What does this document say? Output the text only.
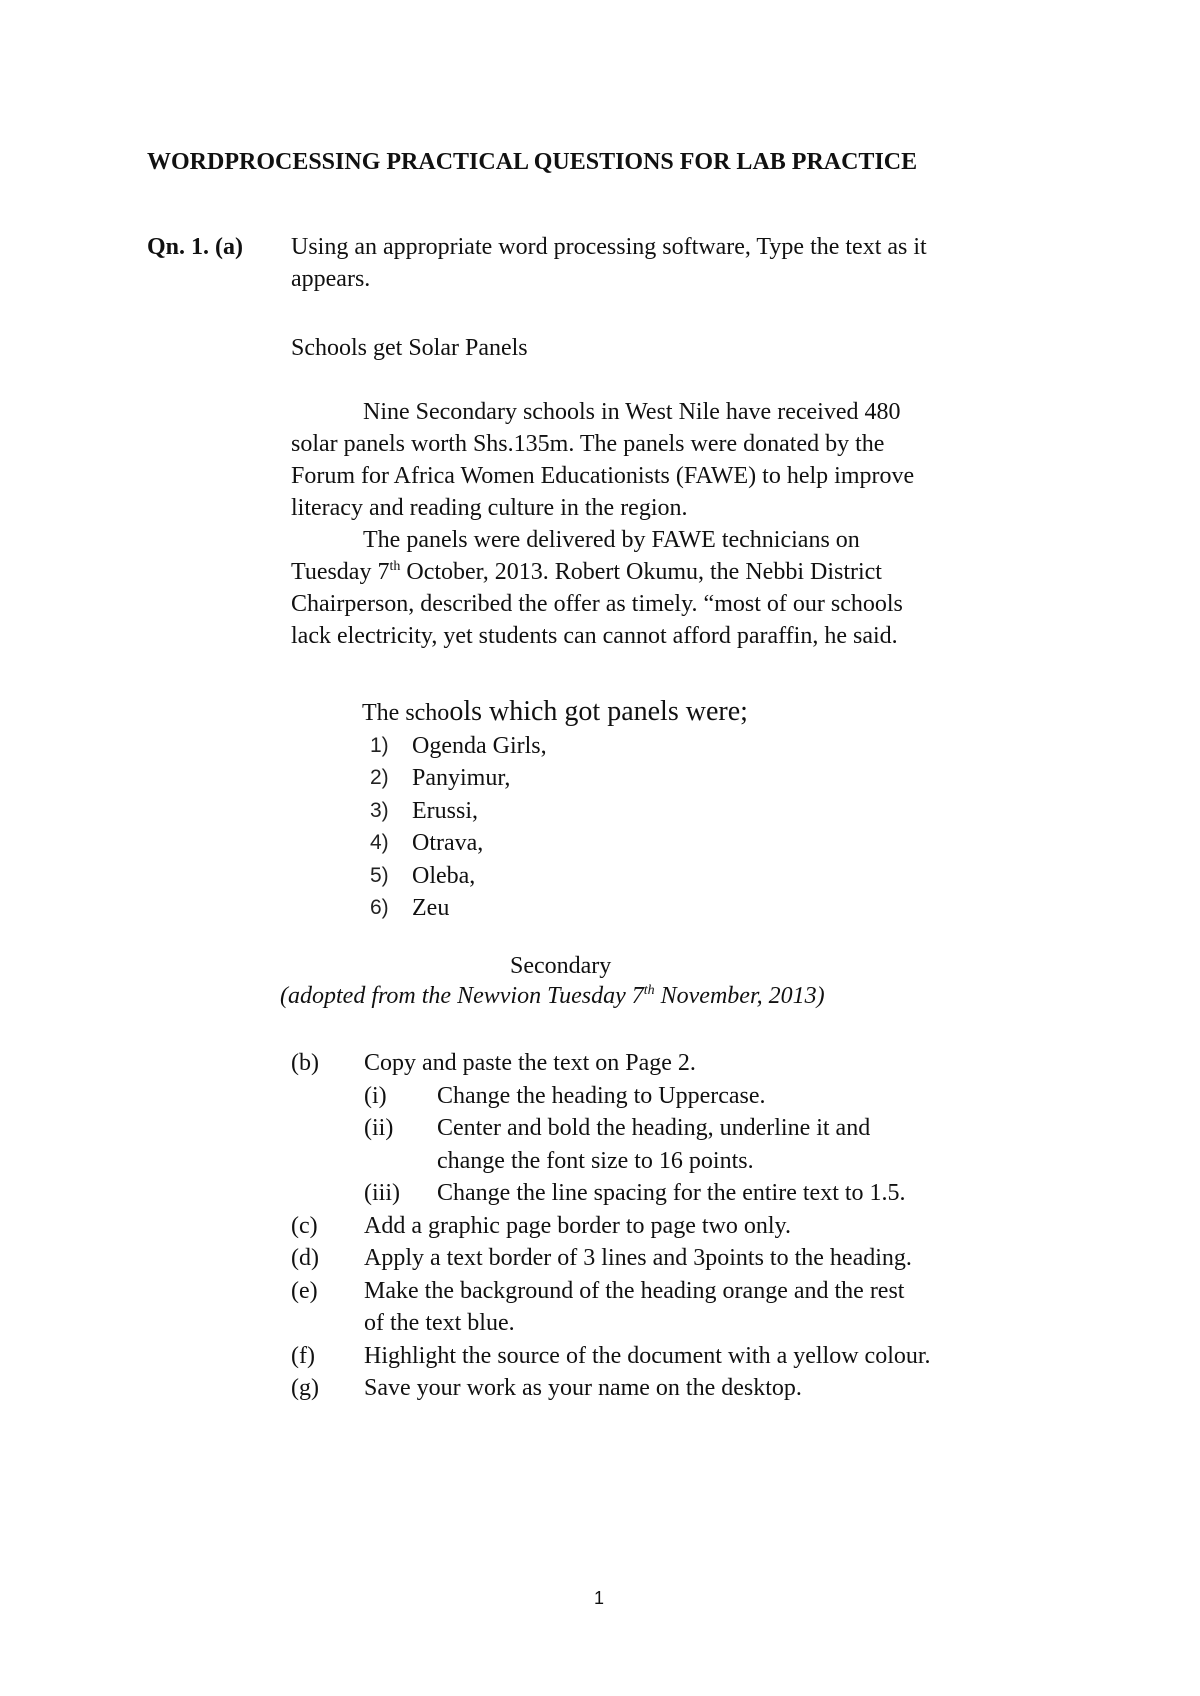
WORDPROCESSING PRACTICAL QUESTIONS FOR LAB PRACTICE
Qn. 1. (a) Using an appropriate word processing software, Type the text as it
appears.
Schools get Solar Panels
Nine Secondary schools in West Nile have received 480
solar panels worth Shs.135m. The panels were donated by the
Forum for Africa Women Educationists (FAWE) to help improve
literacy and reading culture in the region.
The panels were delivered by FAWE technicians on
Tuesday 7th October, 2013. Robert Okumu, the Nebbi District
Chairperson, described the offer as timely. “most of our schools
lack electricity, yet students can cannot afford paraffin, he said.
The schools which got panels were;
1) Ogenda Girls,
2) Panyimur,
3) Erussi,
4) Otrava,
5) Oleba,
6) Zeu
Secondary
(adopted from the Newvion Tuesday 7th November, 2013)
(b)	Copy and paste the text on Page 2.
(i)	Change the heading to Uppercase.
(ii)	Center and bold the heading, underline it and
change the font size to 16 points.
(iii)	Change the line spacing for the entire text to 1.5.
(c)	Add a graphic page border to page two only.
(d)	Apply a text border of 3 lines and 3points to the heading.
(e)	Make the background of the heading orange and the rest
of the text blue.
(f)	Highlight the source of the document with a yellow colour.
(g)	Save your work as your name on the desktop.
1
